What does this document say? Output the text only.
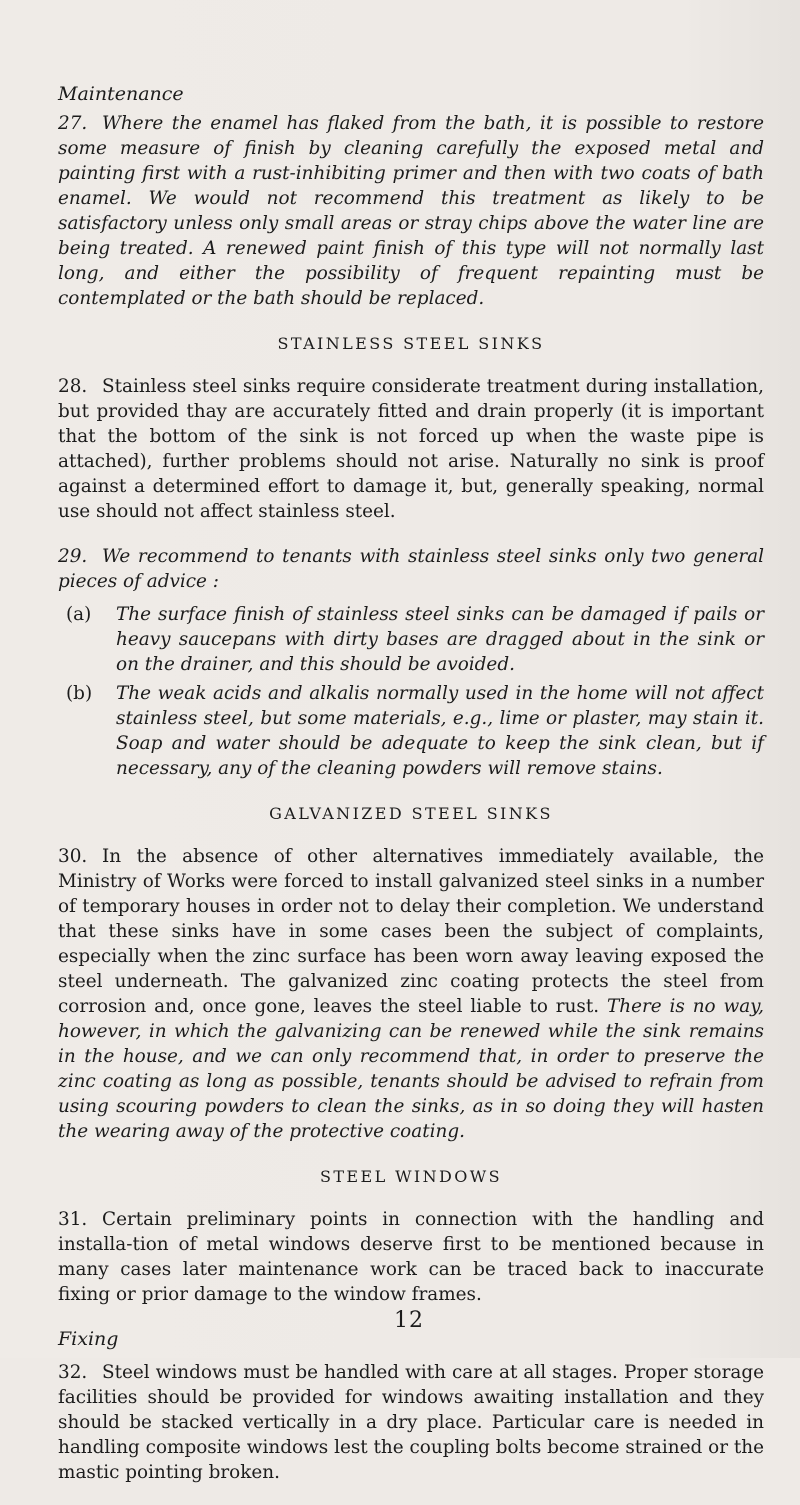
Maintenance

27. Where the enamel has flaked from the bath, it is possible to restore some measure of finish by cleaning carefully the exposed metal and painting first with a rust-inhibiting primer and then with two coats of bath enamel. We would not recommend this treatment as likely to be satisfactory unless only small areas or stray chips above the water line are being treated. A renewed paint finish of this type will not normally last long, and either the possibility of frequent repainting must be contemplated or the bath should be replaced.

STAINLESS STEEL SINKS

28. Stainless steel sinks require considerate treatment during installation, but provided thay are accurately fitted and drain properly (it is important that the bottom of the sink is not forced up when the waste pipe is attached), further problems should not arise. Naturally no sink is proof against a determined effort to damage it, but, generally speaking, normal use should not affect stainless steel.

29. We recommend to tenants with stainless steel sinks only two general pieces of advice :

(a)	The surface finish of stainless steel sinks can be damaged if pails or heavy saucepans with dirty bases are dragged about in the sink or on the drainer, and this should be avoided.
(b)	The weak acids and alkalis normally used in the home will not affect stainless steel, but some materials, e.g., lime or plaster, may stain it. Soap and water should be adequate to keep the sink clean, but if necessary, any of the cleaning powders will remove stains.
GALVANIZED STEEL SINKS

30. In the absence of other alternatives immediately available, the Ministry of Works were forced to install galvanized steel sinks in a number of temporary houses in order not to delay their completion. We understand that these sinks have in some cases been the subject of complaints, especially when the zinc surface has been worn away leaving exposed the steel underneath. The galvanized zinc coating protects the steel from corrosion and, once gone, leaves the steel liable to rust. There is no way, however, in which the galvanizing can be renewed while the sink remains in the house, and we can only recommend that, in order to preserve the zinc coating as long as possible, tenants should be advised to refrain from using scouring powders to clean the sinks, as in so doing they will hasten the wearing away of the protective coating.

STEEL WINDOWS

31. Certain preliminary points in connection with the handling and installa-tion of metal windows deserve first to be mentioned because in many cases later maintenance work can be traced back to inaccurate fixing or prior damage to the window frames.

Fixing

32. Steel windows must be handled with care at all stages. Proper storage facilities should be provided for windows awaiting installation and they should be stacked vertically in a dry place. Particular care is needed in handling composite windows lest the coupling bolts become strained or the mastic pointing broken.

12
